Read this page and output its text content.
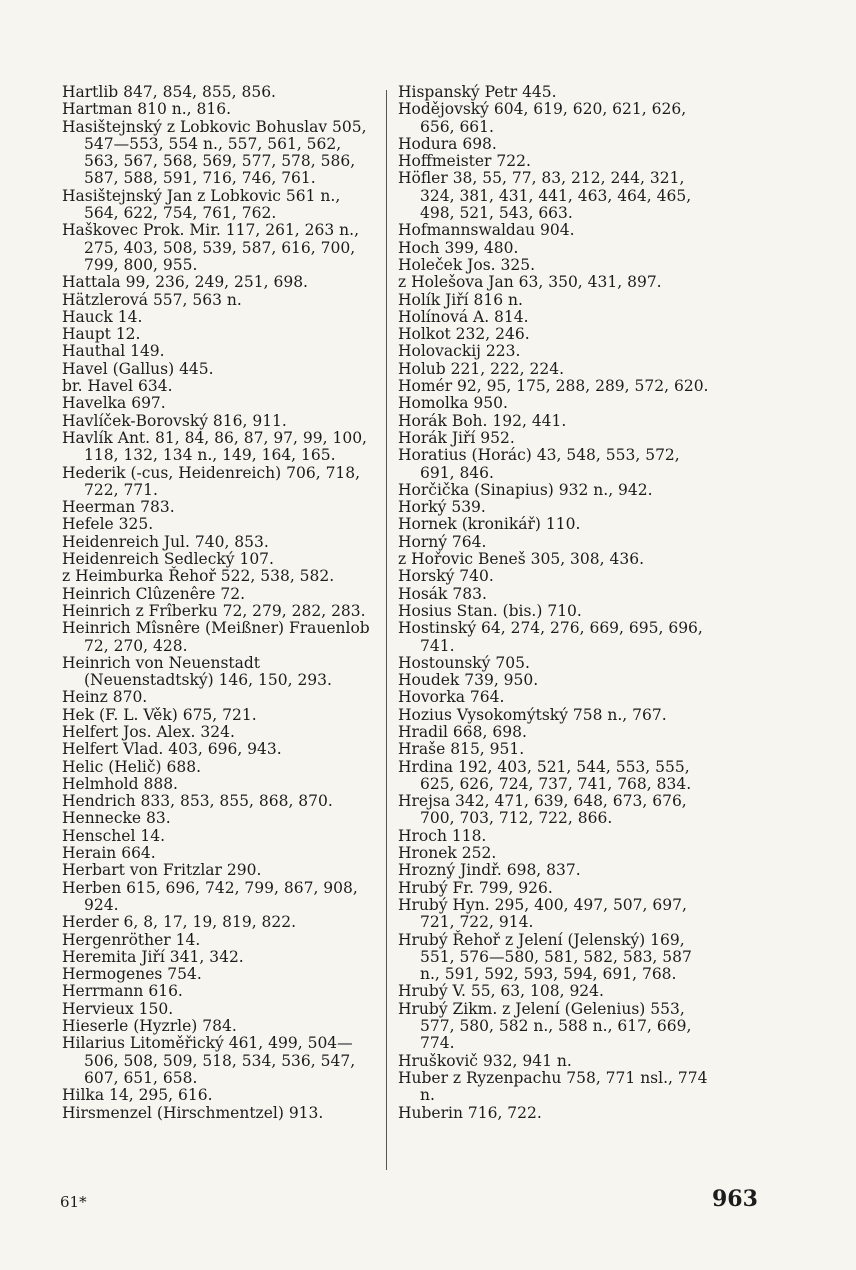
Hartlib 847, 854, 855, 856.
Hartman 810 n., 816.
Hasištejnský z Lobkovic Bohuslav 505, 547—553, 554 n., 557, 561, 562, 563, 567, 568, 569, 577, 578, 586, 587, 588, 591, 716, 746, 761.
Hasištejnský Jan z Lobkovic 561 n., 564, 622, 754, 761, 762.
Haškovec Prok. Mir. 117, 261, 263 n., 275, 403, 508, 539, 587, 616, 700, 799, 800, 955.
Hattala 99, 236, 249, 251, 698.
Hätzlerová 557, 563 n.
Hauck 14.
Haupt 12.
Hauthal 149.
Havel (Gallus) 445.
br. Havel 634.
Havelka 697.
Havlíček-Borovský 816, 911.
Havlík Ant. 81, 84, 86, 87, 97, 99, 100, 118, 132, 134 n., 149, 164, 165.
Hederik (-cus, Heidenreich) 706, 718, 722, 771.
Heerman 783.
Hefele 325.
Heidenreich Jul. 740, 853.
Heidenreich Sedlecký 107.
z Heimburka Řehoř 522, 538, 582.
Heinrich Clûzenêre 72.
Heinrich z Frîberku 72, 279, 282, 283.
Heinrich Mîsnêre (Meißner) Frauenlob 72, 270, 428.
Heinrich von Neuenstadt (Neuenstadtský) 146, 150, 293.
Heinz 870.
Hek (F. L. Věk) 675, 721.
Helfert Jos. Alex. 324.
Helfert Vlad. 403, 696, 943.
Helic (Helič) 688.
Helmhold 888.
Hendrich 833, 853, 855, 868, 870.
Hennecke 83.
Henschel 14.
Herain 664.
Herbart von Fritzlar 290.
Herben 615, 696, 742, 799, 867, 908, 924.
Herder 6, 8, 17, 19, 819, 822.
Hergenröther 14.
Heremita Jiří 341, 342.
Hermogenes 754.
Herrmann 616.
Hervieux 150.
Hieserle (Hyzrle) 784.
Hilarius Litoměřický 461, 499, 504—506, 508, 509, 518, 534, 536, 547, 607, 651, 658.
Hilka 14, 295, 616.
Hirsmenzel (Hirschmentzel) 913.
Hispanský Petr 445.
Hodějovský 604, 619, 620, 621, 626, 656, 661.
Hodura 698.
Hoffmeister 722.
Höfler 38, 55, 77, 83, 212, 244, 321, 324, 381, 431, 441, 463, 464, 465, 498, 521, 543, 663.
Hofmannswaldau 904.
Hoch 399, 480.
Holeček Jos. 325.
z Holešova Jan 63, 350, 431, 897.
Holík Jiří 816 n.
Holínová A. 814.
Holkot 232, 246.
Holovackij 223.
Holub 221, 222, 224.
Homér 92, 95, 175, 288, 289, 572, 620.
Homolka 950.
Horák Boh. 192, 441.
Horák Jiří 952.
Horatius (Horác) 43, 548, 553, 572, 691, 846.
Horčička (Sinapius) 932 n., 942.
Horký 539.
Hornek (kronikář) 110.
Horný 764.
z Hořovic Beneš 305, 308, 436.
Horský 740.
Hosák 783.
Hosius Stan. (bis.) 710.
Hostinský 64, 274, 276, 669, 695, 696, 741.
Hostounský 705.
Houdek 739, 950.
Hovorka 764.
Hozius Vysokomýtský 758 n., 767.
Hradil 668, 698.
Hraše 815, 951.
Hrdina 192, 403, 521, 544, 553, 555, 625, 626, 724, 737, 741, 768, 834.
Hrejsa 342, 471, 639, 648, 673, 676, 700, 703, 712, 722, 866.
Hroch 118.
Hronek 252.
Hrozný Jindř. 698, 837.
Hrubý Fr. 799, 926.
Hrubý Hyn. 295, 400, 497, 507, 697, 721, 722, 914.
Hrubý Řehoř z Jelení (Jelenský) 169, 551, 576—580, 581, 582, 583, 587 n., 591, 592, 593, 594, 691, 768.
Hrubý V. 55, 63, 108, 924.
Hrubý Zikm. z Jelení (Gelenius) 553, 577, 580, 582 n., 588 n., 617, 669, 774.
Hruškovič 932, 941 n.
Huber z Ryzenpachu 758, 771 nsl., 774 n.
Huberin 716, 722.
61*	963
